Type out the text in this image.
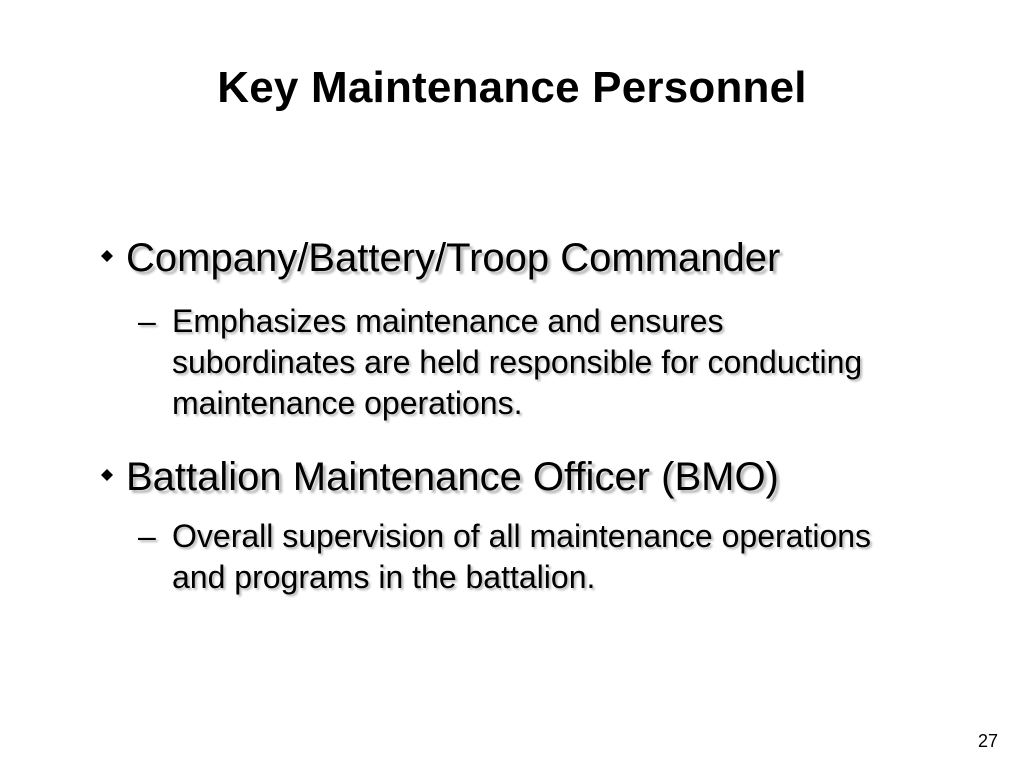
Key Maintenance Personnel
Company/Battery/Troop Commander
– Emphasizes maintenance and ensures subordinates are held responsible for conducting maintenance operations.
Battalion Maintenance Officer (BMO)
– Overall supervision of all maintenance operations and programs in the battalion.
27
